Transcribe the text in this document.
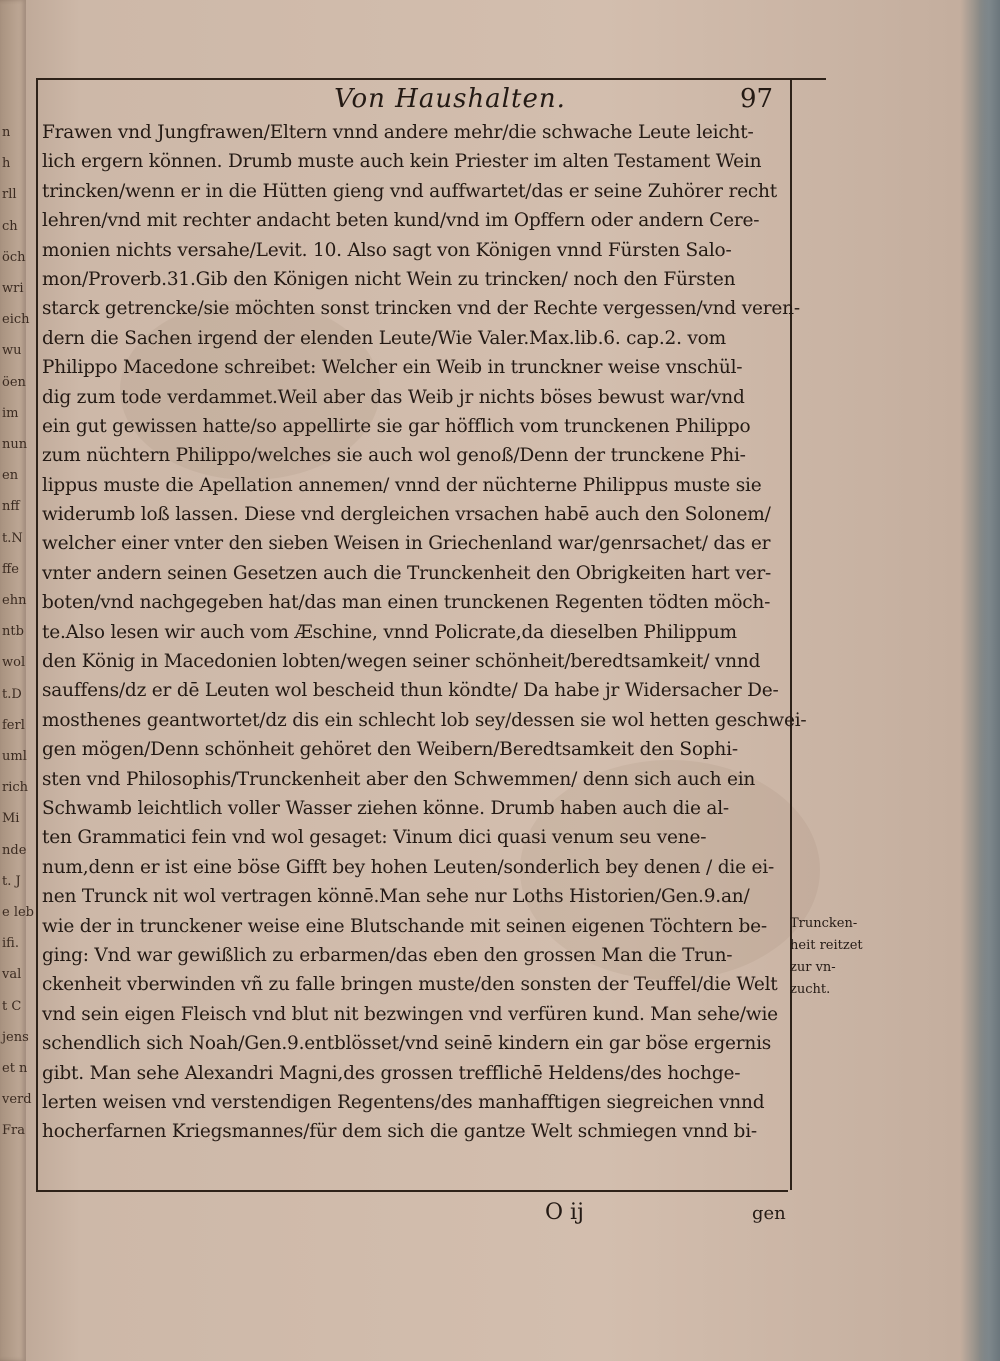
n
h
rll
ch
öch
wri
eich
wu
öen
im
nun
en
nff
t.N
ffe
ehn
ntb
wol
t.D
ferl
uml
rich
Mi
nde
t. J
e leb
ifi.
val
t C
jens
et n
verd
Fra
Von Haushalten.	97
Frawen vnd Jungfrawen/Eltern vnnd andere mehr/die schwache Leute leicht-
lich ergern können. Drumb muste auch kein Priester im alten Testament Wein
trincken/wenn er in die Hütten gieng vnd auffwartet/das er seine Zuhörer recht
lehren/vnd mit rechter andacht beten kund/vnd im Opffern oder andern Cere-
monien nichts versahe/Levit. 10. Also sagt von Königen vnnd Fürsten Salo-
mon/Proverb.31.Gib den Königen nicht Wein zu trincken/ noch den Fürsten
starck getrencke/sie möchten sonst trincken vnd der Rechte vergessen/vnd veren-
dern die Sachen irgend der elenden Leute/Wie Valer.Max.lib.6. cap.2. vom
Philippo Macedone schreibet: Welcher ein Weib in trunckner weise vnschül-
dig zum tode verdammet.Weil aber das Weib jr nichts böses bewust war/vnd
ein gut gewissen hatte/so appellirte sie gar höfflich vom trunckenen Philippo
zum nüchtern Philippo/welches sie auch wol genoß/Denn der trunckene Phi-
lippus muste die Apellation annemen/ vnnd der nüchterne Philippus muste sie
widerumb loß lassen. Diese vnd dergleichen vrsachen habē auch den Solonem/
welcher einer vnter den sieben Weisen in Griechenland war/genrsachet/ das er
vnter andern seinen Gesetzen auch die Trunckenheit den Obrigkeiten hart ver-
boten/vnd nachgegeben hat/das man einen trunckenen Regenten tödten möch-
te.Also lesen wir auch vom Æschine, vnnd Policrate,da dieselben Philippum
den König in Macedonien lobten/wegen seiner schönheit/beredtsamkeit/ vnnd
sauffens/dz er dē Leuten wol bescheid thun köndte/ Da habe jr Widersacher De-
mosthenes geantwortet/dz dis ein schlecht lob sey/dessen sie wol hetten geschwei-
gen mögen/Denn schönheit gehöret den Weibern/Beredtsamkeit den Sophi-
sten vnd Philosophis/Trunckenheit aber den Schwemmen/ denn sich auch ein
Schwamb leichtlich voller Wasser ziehen könne. Drumb haben auch die al-
ten Grammatici fein vnd wol gesaget: Vinum dici quasi venum seu vene-
num,denn er ist eine böse Gifft bey hohen Leuten/sonderlich bey denen / die ei-
nen Trunck nit wol vertragen könnē.Man sehe nur Loths Historien/Gen.9.an/
wie der in trunckener weise eine Blutschande mit seinen eigenen Töchtern be-
ging: Vnd war gewißlich zu erbarmen/das eben den grossen Man die Trun-
ckenheit vberwinden vñ zu falle bringen muste/den sonsten der Teuffel/die Welt
vnd sein eigen Fleisch vnd blut nit bezwingen vnd verfüren kund. Man sehe/wie
schendlich sich Noah/Gen.9.entblösset/vnd seinē kindern ein gar böse ergernis
gibt. Man sehe Alexandri Magni,des grossen trefflichē Heldens/des hochge-
lerten weisen vnd verstendigen Regentens/des manhafftigen siegreichen vnnd
hocherfarnen Kriegsmannes/für dem sich die gantze Welt schmiegen vnnd bi-
Truncken-
heit reitzet
zur vn-
zucht.
O ij	gen
